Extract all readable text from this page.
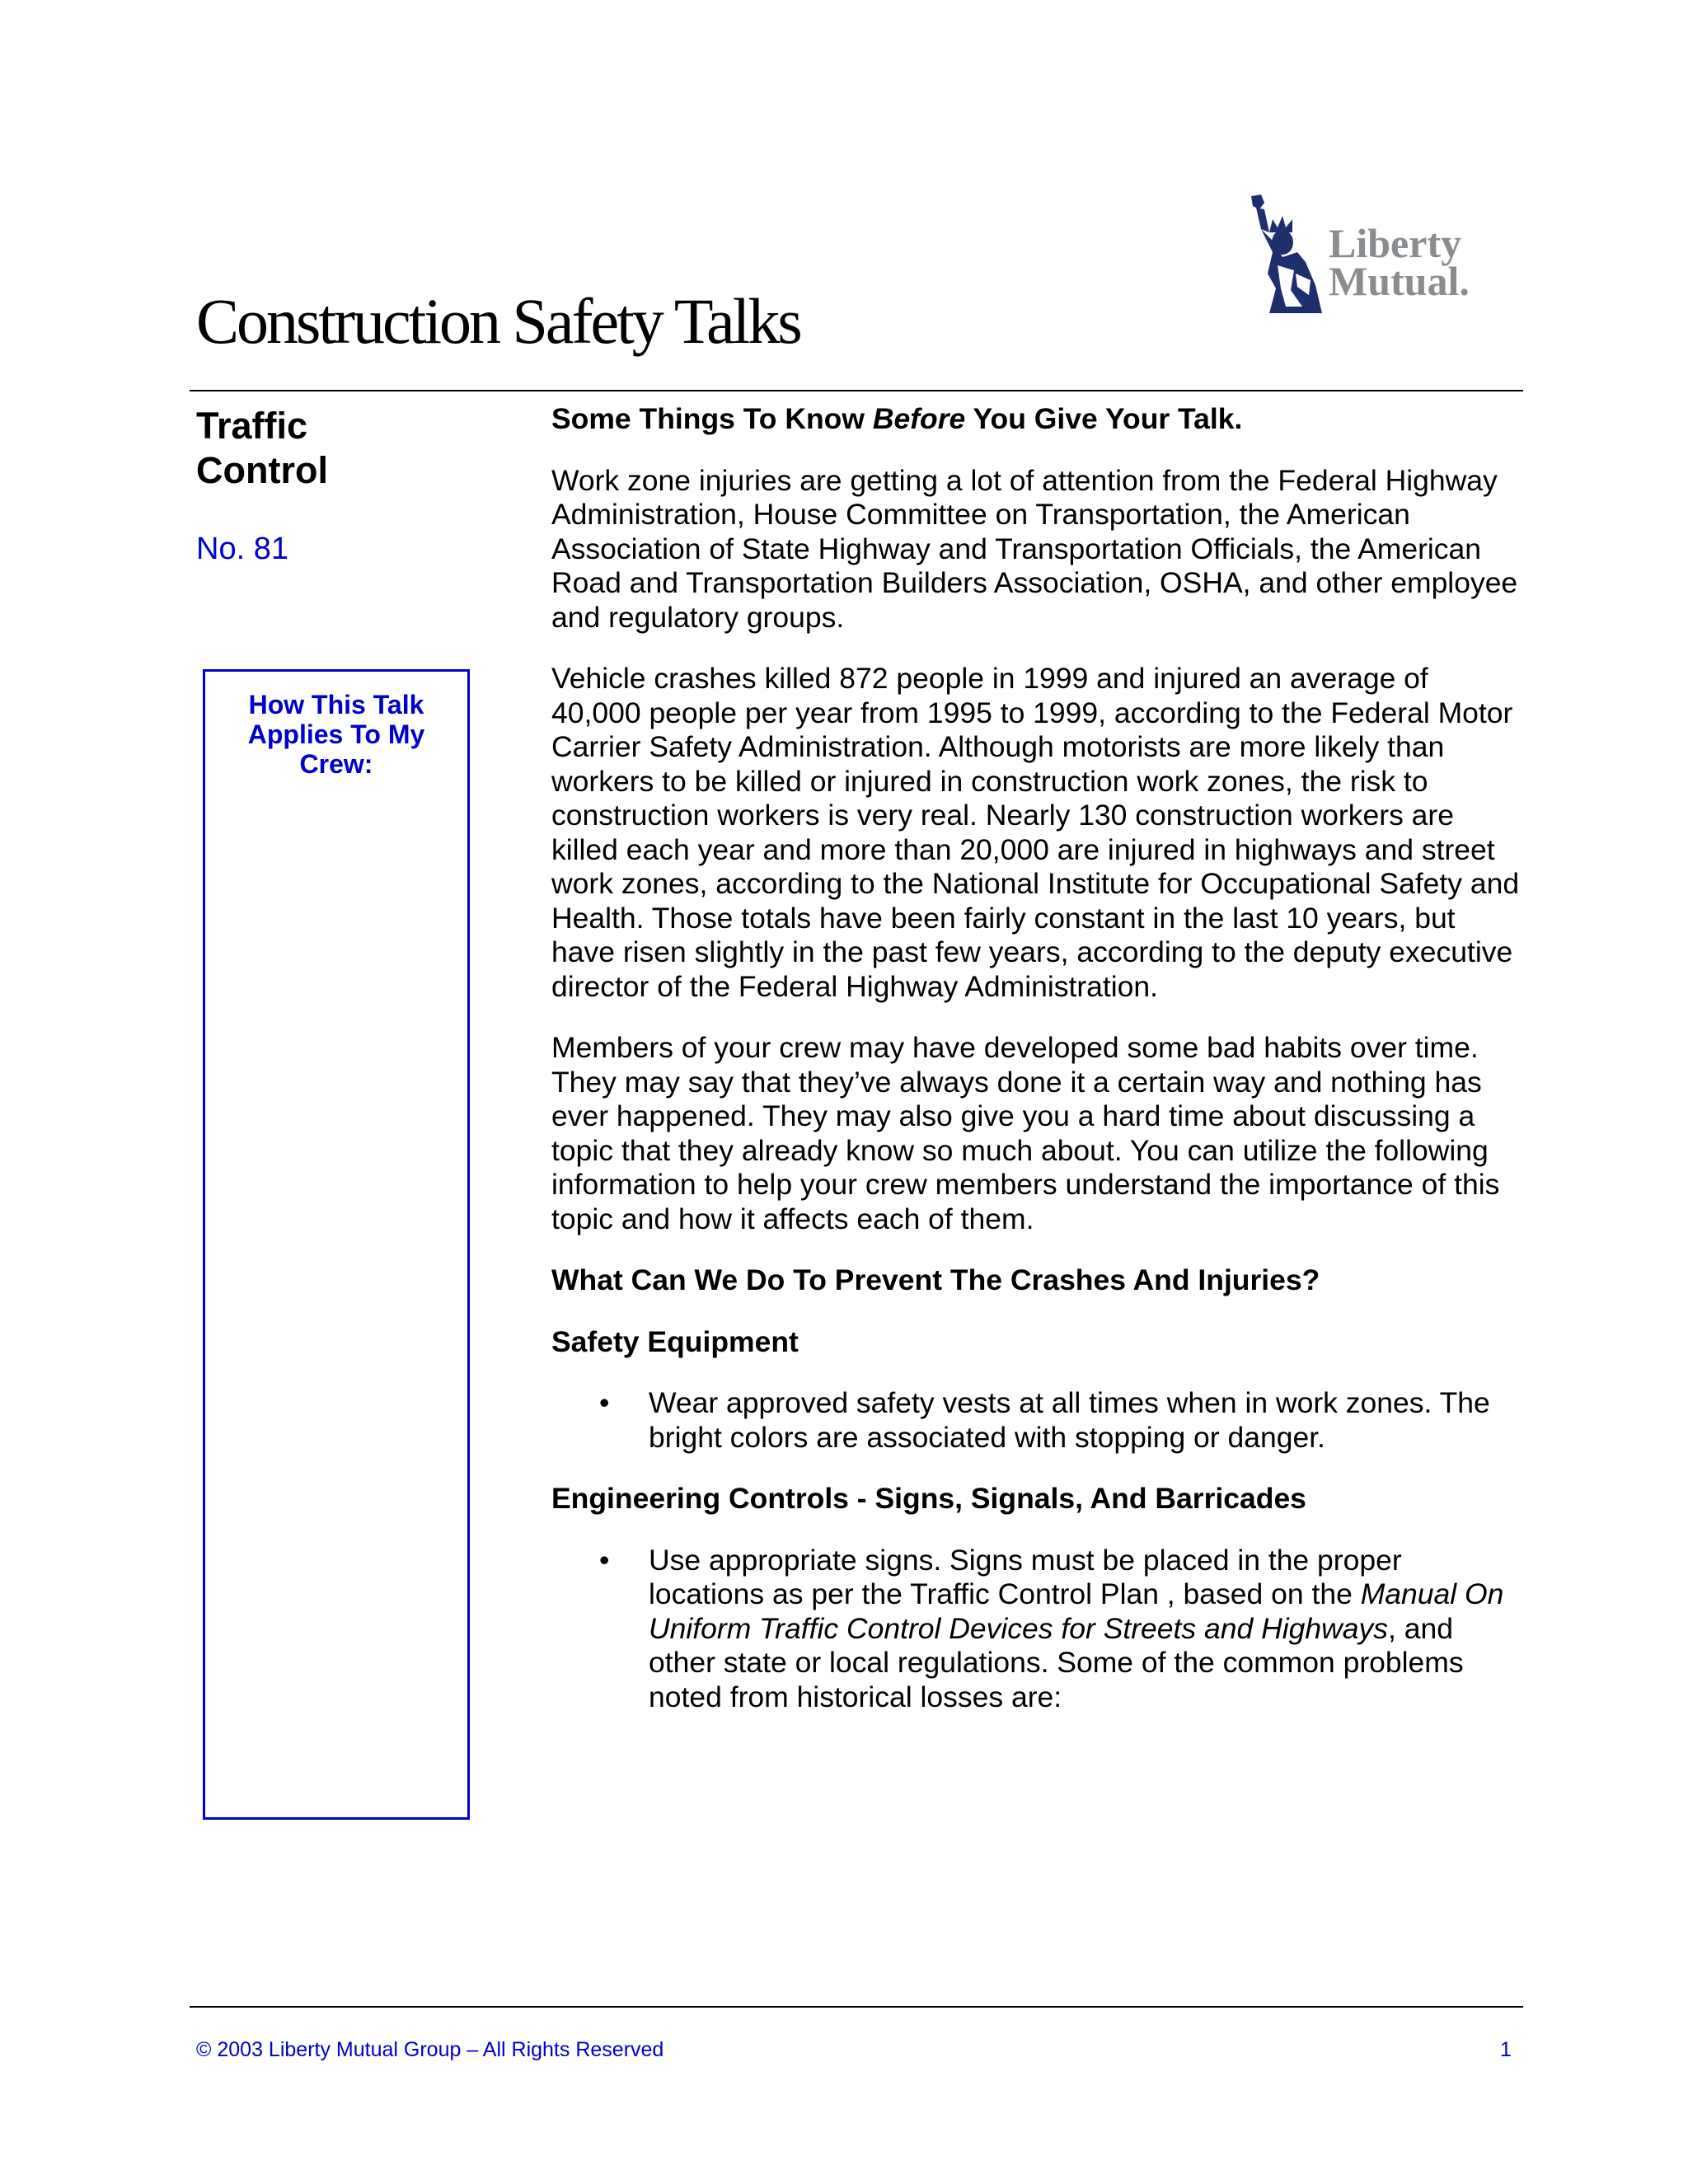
Liberty
Mutual.
Construction Safety Talks
Traffic
Control
No. 81

How This Talk
Applies To My
Crew:

Some Things To Know Before You Give Your Talk.

Work zone injuries are getting a lot of attention from the Federal Highway Administration, House Committee on Transportation, the American Association of State Highway and Transportation Officials, the American Road and Transportation Builders Association, OSHA, and other employee and regulatory groups.

Vehicle crashes killed 872 people in 1999 and injured an average of 40,000 people per year from 1995 to 1999, according to the Federal Motor Carrier Safety Administration. Although motorists are more likely than workers to be killed or injured in construction work zones, the risk to construction workers is very real. Nearly 130 construction workers are killed each year and more than 20,000 are injured in highways and street work zones, according to the National Institute for Occupational Safety and Health. Those totals have been fairly constant in the last 10 years, but have risen slightly in the past few years, according to the deputy executive director of the Federal Highway Administration.

Members of your crew may have developed some bad habits over time. They may say that they’ve always done it a certain way and nothing has ever happened. They may also give you a hard time about discussing a topic that they already know so much about. You can utilize the following information to help your crew members understand the importance of this topic and how it affects each of them.

What Can We Do To Prevent The Crashes And Injuries?

Safety Equipment

• Wear approved safety vests at all times when in work zones. The bright colors are associated with stopping or danger.

Engineering Controls - Signs, Signals, And Barricades

• Use appropriate signs. Signs must be placed in the proper locations as per the Traffic Control Plan , based on the Manual On Uniform Traffic Control Devices for Streets and Highways, and other state or local regulations. Some of the common problems noted from historical losses are:
© 2003 Liberty Mutual Group – All Rights Reserved	1
